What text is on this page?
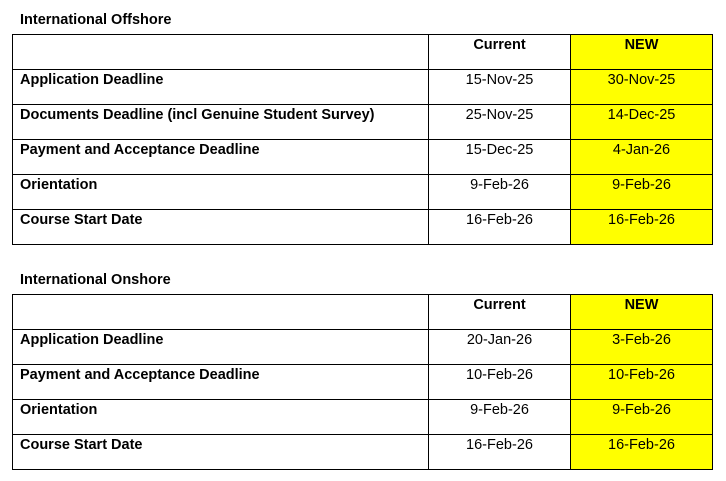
International Offshore

	Current	NEW

Application Deadline	15-Nov-25	30-Nov-25

Documents Deadline (incl Genuine Student Survey)	25-Nov-25	14-Dec-25

Payment and Acceptance Deadline	15-Dec-25	4-Jan-26

Orientation	9-Feb-26	9-Feb-26

Course Start Date	16-Feb-26	16-Feb-26
International Onshore

	Current	NEW

Application Deadline	20-Jan-26	3-Feb-26

Payment and Acceptance Deadline	10-Feb-26	10-Feb-26

Orientation	9-Feb-26	9-Feb-26

Course Start Date	16-Feb-26	16-Feb-26
